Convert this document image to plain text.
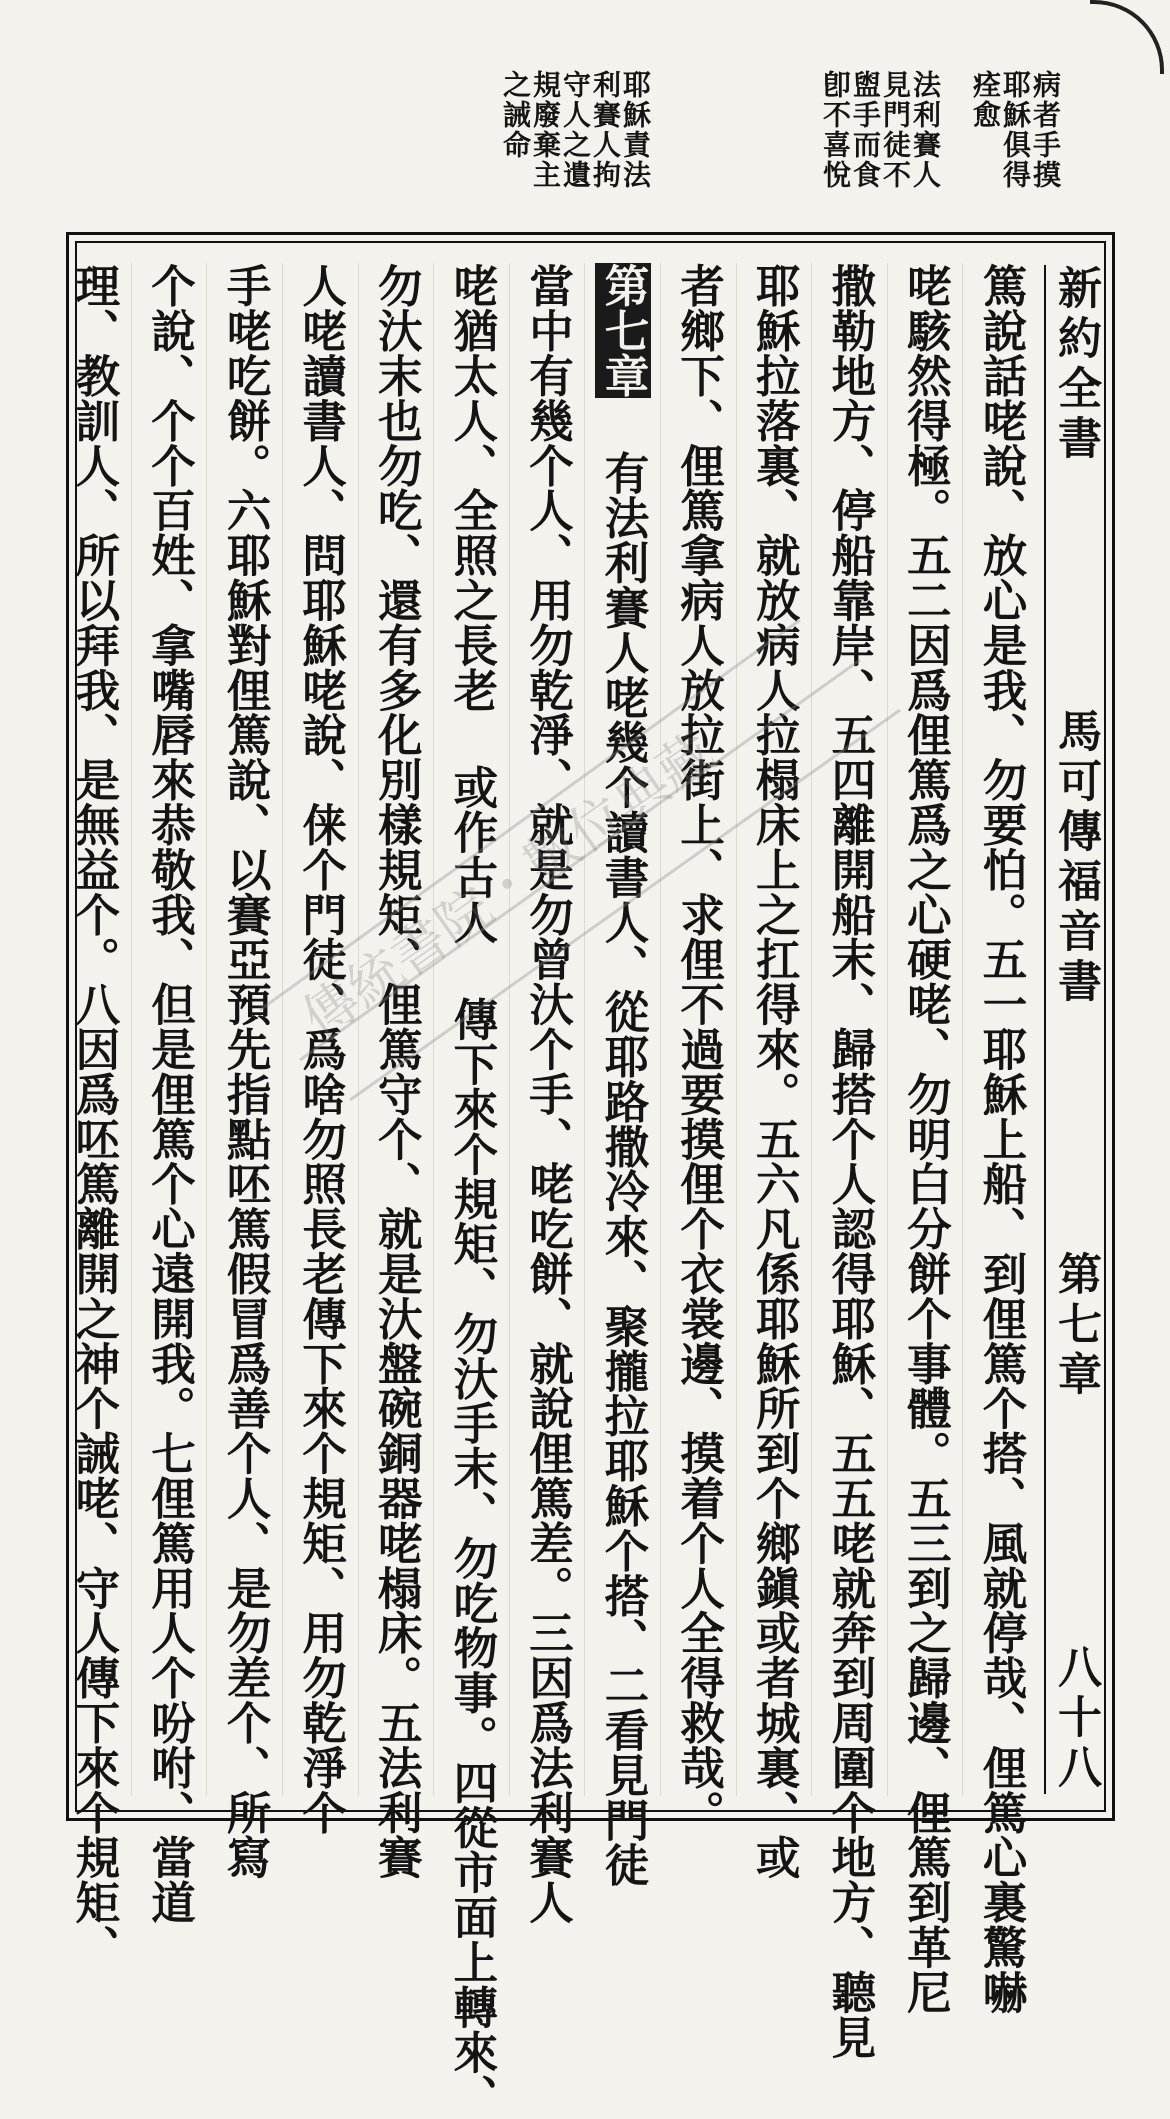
病者手摸
耶穌俱得
痊愈
法利賽人
見門徒不
盥手而食
卽不喜悅
耶穌責法
利賽人拘
守人之遺
規廢棄主
之誡命
新約全書
馬可傳福音書
第七章
八十八
篤說話咾說、放心是我、勿要怕。五一耶穌上船、到俚篤个搭、風就停哉、俚篤心裏驚嚇
咾駭然得極。五二因爲俚篤爲之心硬咾、勿明白分餅个事體。五三到之歸邊、俚篤到革尼
撒勒地方、停船靠岸、五四離開船末、歸搭个人認得耶穌、五五咾就奔到周圍个地方、聽見
耶穌拉落裏、就放病人拉榻床上之扛得來。五六凡係耶穌所到个鄉鎭或者城裏、或
者鄉下、俚篤拿病人放拉街上、求俚不過要摸俚个衣裳邊、摸着个人全得救哉。
第七章 有法利賽人咾幾个讀書人、從耶路撒冷來、聚攏拉耶穌个搭、二看見門徒
當中有幾个人、用勿乾淨、就是勿曾汏个手、咾吃餅、就說俚篤差。三因爲法利賽人
咾猶太人、全照之長老 或作古人 傳下來个規矩、勿汏手末、勿吃物事。四從市面上轉來、
勿汏末也勿吃、還有多化別樣規矩、俚篤守个、就是汏盤碗銅器咾榻床。五法利賽
人咾讀書人、問耶穌咾說、俫个門徒、爲啥勿照長老傳下來个規矩、用勿乾淨个
手咾吃餅。六耶穌對俚篤說、以賽亞預先指點呸篤假冒爲善个人、是勿差个、所寫
个說、个个百姓、拿嘴唇來恭敬我、但是俚篤个心遠開我。七俚篤用人个吩咐、當道
理、教訓人、所以拜我、是無益个。八因爲呸篤離開之神个誡咾、守人傳下來个規矩、	傳統書院・數位典藏
